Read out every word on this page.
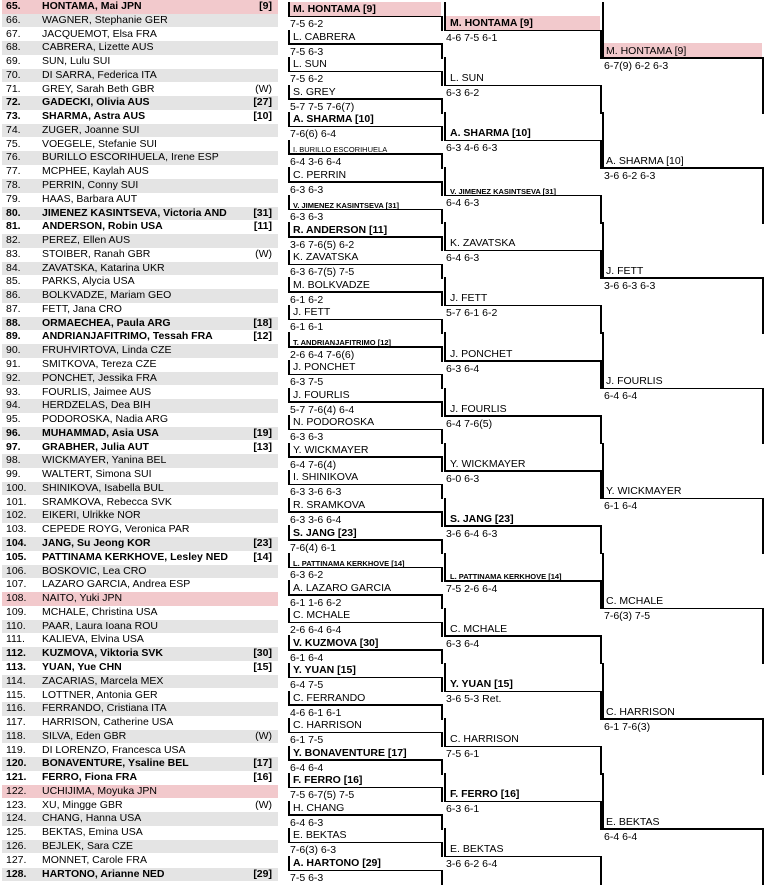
65. HONTAMA, Mai JPN	[9]
66. WAGNER, Stephanie GER
67. JACQUEMOT, Elsa FRA
68. CABRERA, Lizette AUS
69. SUN, Lulu SUI
70. DI SARRA, Federica ITA
71. GREY, Sarah Beth GBR	(W)
72. GADECKI, Olivia AUS	[27]
73. SHARMA, Astra AUS	[10]
74. ZUGER, Joanne SUI
75. VOEGELE, Stefanie SUI
76. BURILLO ESCORIHUELA, Irene ESP
77. MCPHEE, Kaylah AUS
78. PERRIN, Conny SUI
79. HAAS, Barbara AUT
80. JIMENEZ KASINTSEVA, Victoria AND	[31]
81. ANDERSON, Robin USA	[11]
82. PEREZ, Ellen AUS
83. STOIBER, Ranah GBR	(W)
84. ZAVATSKA, Katarina UKR
85. PARKS, Alycia USA
86. BOLKVADZE, Mariam GEO
87. FETT, Jana CRO
88. ORMAECHEA, Paula ARG	[18]
89. ANDRIANJAFITRIMO, Tessah FRA	[12]
90. FRUHVIRTOVA, Linda CZE
91. SMITKOVA, Tereza CZE
92. PONCHET, Jessika FRA
93. FOURLIS, Jaimee AUS
94. HERDZELAS, Dea BIH
95. PODOROSKA, Nadia ARG
96. MUHAMMAD, Asia USA	[19]
97. GRABHER, Julia AUT	[13]
98. WICKMAYER, Yanina BEL
99. WALTERT, Simona SUI
100. SHINIKOVA, Isabella BUL
101. SRAMKOVA, Rebecca SVK
102. EIKERI, Ulrikke NOR
103. CEPEDE ROYG, Veronica PAR
104. JANG, Su Jeong KOR	[23]
105. PATTINAMA KERKHOVE, Lesley NED [14]
106. BOSKOVIC, Lea CRO
107. LAZARO GARCIA, Andrea ESP
108. NAITO, Yuki JPN
109. MCHALE, Christina USA
110. PAAR, Laura Ioana ROU
111. KALIEVA, Elvina USA
112. KUZMOVA, Viktoria SVK	[30]
113. YUAN, Yue CHN	[15]
114. ZACARIAS, Marcela MEX
115. LOTTNER, Antonia GER
116. FERRANDO, Cristiana ITA
117. HARRISON, Catherine USA
118. SILVA, Eden GBR	(W)
119. DI LORENZO, Francesca USA
120. BONAVENTURE, Ysaline BEL	[17]
121. FERRO, Fiona FRA	[16]
122. UCHIJIMA, Moyuka JPN
123. XU, Mingge GBR	(W)
124. CHANG, Hanna USA
125. BEKTAS, Emina USA
126. BEJLEK, Sara CZE
127. MONNET, Carole FRA
128. HARTONO, Arianne NED	[29]
M. HONTAMA [9]
7-5 6-2
L. CABRERA
7-5 6-3
L. SUN
7-5 6-2
S. GREY
5-7 7-5 7-6(7)
A. SHARMA [10]
7-6(6) 6-4
I. BURILLO ESCORIHUELA
6-4 3-6 6-4
C. PERRIN
6-3 6-3
V. JIMENEZ KASINTSEVA [31]
6-3 6-3
R. ANDERSON [11]
3-6 7-6(5) 6-2
K. ZAVATSKA
6-3 6-7(5) 7-5
M. BOLKVADZE
6-1 6-2
J. FETT
6-1 6-1
T. ANDRIANJAFITRIMO [12]
2-6 6-4 7-6(6)
J. PONCHET
6-3 7-5
J. FOURLIS
5-7 7-6(4) 6-4
N. PODOROSKA
6-3 6-3
Y. WICKMAYER
6-4 7-6(4)
I. SHINIKOVA
6-3 3-6 6-3
R. SRAMKOVA
6-3 3-6 6-4
S. JANG [23]
7-6(4) 6-1
L. PATTINAMA KERKHOVE [14]
6-3 6-2
A. LAZARO GARCIA
6-1 1-6 6-2
C. MCHALE
2-6 6-4 6-4
V. KUZMOVA [30]
6-1 6-4
Y. YUAN [15]
6-4 7-5
C. FERRANDO
4-6 6-1 6-1
C. HARRISON
6-1 7-5
Y. BONAVENTURE [17]
6-4 6-4
F. FERRO [16]
7-5 6-7(5) 7-5
H. CHANG
6-4 6-3
E. BEKTAS
7-6(3) 6-3
A. HARTONO [29]
7-5 6-3
M. HONTAMA [9]
4-6 7-5 6-1
L. SUN
6-3 6-2
A. SHARMA [10]
6-3 4-6 6-3
V. JIMENEZ KASINTSEVA [31]
6-4 6-3
K. ZAVATSKA
6-4 6-3
J. FETT
5-7 6-1 6-2
J. PONCHET
6-3 6-4
J. FOURLIS
6-4 7-6(5)
Y. WICKMAYER
6-0 6-3
S. JANG [23]
3-6 6-4 6-3
L. PATTINAMA KERKHOVE [14]
7-5 2-6 6-4
C. MCHALE
6-3 6-4
Y. YUAN [15]
3-6 5-3 Ret.
C. HARRISON
7-5 6-1
F. FERRO [16]
6-3 6-1
E. BEKTAS
3-6 6-2 6-4
M. HONTAMA [9]
6-7(9) 6-2 6-3
A. SHARMA [10]
3-6 6-2 6-3
J. FETT
3-6 6-3 6-3
J. FOURLIS
6-4 6-4
Y. WICKMAYER
6-1 6-4
C. MCHALE
7-6(3) 7-5
C. HARRISON
6-1 7-6(3)
E. BEKTAS
6-4 6-4
